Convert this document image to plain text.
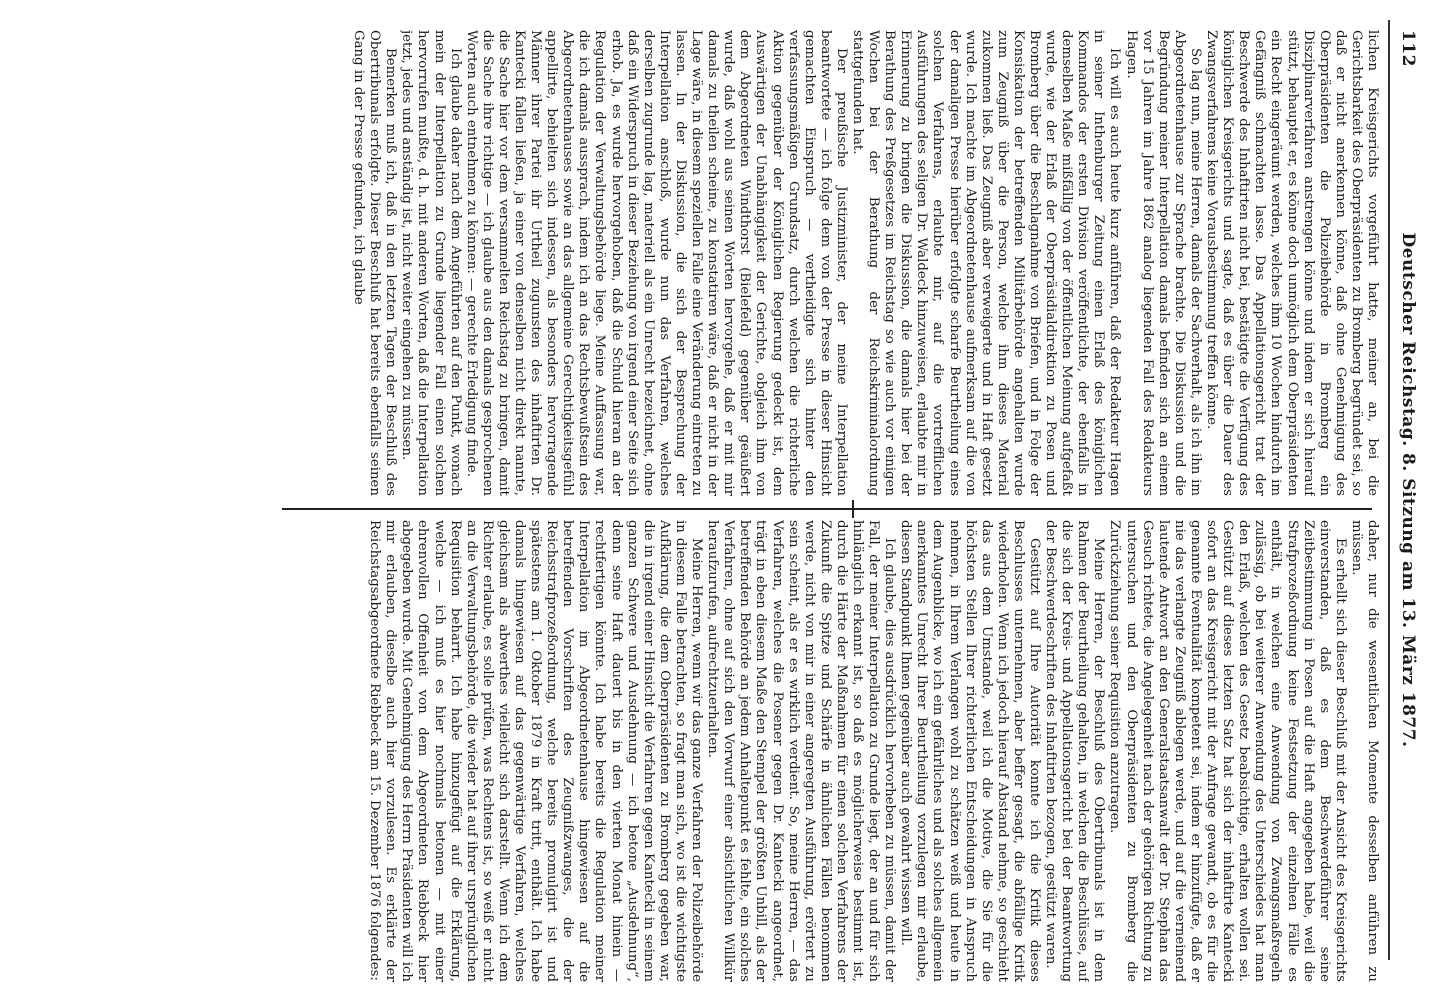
112
Deutscher Reichstag. 8. Sitzung am 13. März 1877.

lichen Kreisgerichts vorgeführt hatte, meiner an, bei die Gerichtsbarkeit des Oberpräsidenten zu Bromberg begründet sei, so daß er nicht anerkennen könne, daß ohne Genehmigung des Oberpräsidenten die Polizeibehörde in Bromberg ein Disziplinarverfahren anstrengen könne und indem er sich hierauf stützt, behauptet er, es könne doch unmöglich dem Oberpräsidenten ein Recht eingeräumt werden, welches ihm 10 Wochen hindurch im Gefängniß schmachten lasse. Das Appellationsgericht trat der Beschwerde des Inhaftirten nicht bei, bestätigte die Verfügung des königlichen Kreisgerichts und sagte, daß es über die Dauer des Zwangsverfahrens keine Vorausbestimmung treffen könne.

So lag nun, meine Herren, damals der Sachverhalt, als ich ihn im Abgeordnetenhause zur Sprache brachte. Die Diskussion und die Begründung meiner Interpellation damals befinden sich an einem vor 15 Jahren im Jahre 1862 analog liegenden Fall des Redakteurs Hagen.

Ich will es auch heute kurz anführen, daß der Redakteur Hagen in seiner Inthenburger Zeitung einen Erlaß des königlichen Kommandos der ersten Division veröffentlichte, der ebenfalls in demselben Maße mißfällig von der öffentlichen Meinung aufgefaßt wurde, wie der Erlaß der Oberpräsidialdirektion zu Posen und Bromberg über die Beschlagnahme von Briefen, und in Folge der Konsiskation der betreffenden Militärbehörde angehalten wurde zum Zeugniß über die Person, welche ihm dieses Material zukommen ließ. Das Zeugniß aber verweigerte und in Haft gesetzt wurde. Ich machte im Abgeordnetenhause aufmerksam auf die von der damaligen Presse hierüber erfolgte scharfe Beurtheilung eines solchen Verfahrens, erlaubte mir, auf die vortrefflichen Ausführungen des seligen Dr. Waldeck hinzuweisen, erlaubte mir in Erinnerung zu bringen die Diskussion, die damals hier bei der Berathung des Preßgesetzes im Reichstag so wie auch vor einigen Wochen bei der Berathung der Reichskriminalordnung stattgefunden hat.

Der preußische Justizminister, der meine Interpellation beantwortete — ich folge dem von der Presse in dieser Hinsicht gemachten Einspruch — vertheidigte sich hinter den verfassungsmäßigen Grundsatz, durch welchen die richterliche Aktion gegenüber der Königlichen Regierung gedeckt ist, dem Auswärtigen der Unabhängigkeit der Gerichte, obgleich ihm von dem Abgeordneten Windthorst (Bielefeld) gegenüber geäußert wurde, daß wohl aus seinen Worten hervorgehe, daß er mit mir damals zu theilen scheine, zu konstatiren wäre, daß er nicht in der Lage wäre, in diesem speziellen Falle eine Veränderung eintreten zu lassen. In der Diskussion, die sich der Besprechung der Interpellation anschloß, wurde nun das Verfahren, welches derselben zugrunde lag, materiell als ein Unrecht bezeichnet, ohne daß ein Widerspruch in dieser Beziehung von irgend einer Seite sich erhob. Ja, es wurde hervorgehoben, daß die Schuld hieran an der Regulation der Verwaltungsbehörde liege. Meine Auffassung war, die ich damals aussprach, indem ich an das Rechtsbewußtsein des Abgeordnetenhauses sowie an das allgemeine Gerechtigkeitsgefühl appellirte, behielten sich indessen, als besonders hervorragende Männer ihrer Partei ihr Urtheil zugunsten des inhaftirten Dr. Kantecki fallen ließen, ja einer von denselben nicht direkt nannte, die Sache hier vor dem versammelten Reichstag zu bringen, damit die Sache ihre richtige — ich glaube aus den damals gesprochenen Worten auch entnehmen zu können: — gerechte Erledigung finde.

Ich glaube daher nach dem Angeführten auf den Punkt, wonach mein der Interpellation zu Grunde liegender Fall einen solchen hervorrufen mußte, d. h. mit anderen Worten, daß die Interpellation jetzt, jedes und anständig ist, nicht weiter eingehen zu müssen.

Bemerken muß ich, daß in den letzten Tagen der Beschluß des Obertribunals erfolgte. Dieser Beschluß hat bereits ebenfalls seinen Gang in der Presse gefunden, ich glaube

daher, nur die wesentlichen Momente desselben anführen zu müssen.

Es erhellt sich dieser Beschluß mit der Ansicht des Kreisgerichts einverstanden, daß es dem Beschwerdeführer seine Zeitbestimmung in Posen auf die Haft angegeben habe, weil die Strafprozeßordnung keine Festsetzung der einzelnen Fälle es enthält, in welchen eine Anwendung von Zwangsmaßregeln zulässig, ob bei weiterer Anwendung des Unterschiedes hat man den Erlaß, welchen des Gesetz beabsichtige, erhalten wollen sei. Gestützt auf dieses letzten Satz hat sich der inhaftirte Kantecki sofort an das Kreisgericht mit der Anfrage gewandt, ob es für die genannte Eventualität kompetent sei, indem er hinzufügte, daß er nie das verlangte Zeugniß ablegen werde, und auf die verneinend lautende Antwort an den Generalstaatsanwalt der Dr. Stephan das Gesuch richtete, die Angelegenheit nach der gehörigen Richtung zu untersuchen und den Oberpräsidenten zu Bromberg die Zurückziehung seiner Requisition anzutragen.

Meine Herren, der Beschluß des Obertribunals ist in dem Rahmen der Beurtheilung gehalten, in welchen die Beschlüsse, auf die sich der Kreis- und Appellationsgericht bei der Beantwortung der Beschwerdeschriften des Inhaftirten bezogen, gestützt waren.

Gestützt auf Ihre Autorität konnte ich die Kritik dieses Beschlusses unternehmen, aber beffer gesagt, die abfällige Kritik wiederholen. Wenn ich jedoch hierauf Abstand nehme, so geschieht das aus dem Umstande, weil ich die Motive, die Sie für die höchsten Stellen Ihrer richterlichen Entscheidungen in Anspruch nehmen, in Ihrem Verlangen wohl zu schätzen weiß und heute in dem Augenblicke, wo ich ein gefährliches und als solches allgemein anerkanntes Unrecht Ihrer Beurtheilung vorzulegen mir erlaube, diesen Standpunkt Ihnen gegenüber auch gewahrt wissen will.

Ich glaube, dies ausdrücklich hervorheben zu müssen, damit der Fall, der meiner Interpellation zu Grunde liegt, der an und für sich hinlänglich erkannt ist, so daß es möglicherweise bestimmt ist, durch die Härte der Maßnahmen für einen solchen Verfahrens der Zukunft die Spitze und Schärfe in ähnlichen Fällen benommen werde, nicht von mir in einer angeregten Ausführung, erörtert zu sein scheint, als er es wirklich verdient. So, meine Herren, — das Verfahren, welches die Posener gegen Dr. Kantecki angeordnet, trägt in eben diesem Maße den Stempel der größten Unbill, als der betreffenden Behörde an jedem Anhaltepunkt es fehlte, ein solches Verfahren, ohne auf sich den Vorwurf einer absichtlichen Willkür heraufzurufen, aufrechtzuerhalten.

Meine Herren, wenn wir das ganze Verfahren der Polizeibehörde in diesem Falle betrachten, so fragt man sich, wo ist die wichtigste Aufklärung, die dem Oberpräsidenten zu Bromberg gegeben war, die in irgend einer Hinsicht die Verfahren gegen Kantecki in seinem ganzen Schwere und Ausdehnung — ich betone „Ausdehnung“, denn seine Haft dauert bis in den vierten Monat hinein — rechtfertigen könnte. Ich habe bereits die Regulation meiner Interpellation im Abgeordnetenhause hingewiesen auf die betreffenden Vorschriften des Zeugnißzwanges, die der Reichsstrafprozeßordnung, welche bereits promulgirt ist und spätestens am 1. Oktober 1879 in Kraft tritt, enthält. Ich habe damals hingewiesen auf das gegenwärtige Verfahren, welches gleichsam als abwerthes vielleicht sich darstellt. Wenn ich dem Richter erlaube, es solle prüfen, was Rechtens ist, so weiß er nicht an die Verwaltungsbehörde, die wieder hat auf ihrer ursprünglichen Requisition beharrt. Ich habe hinzugefügt auf die Erklärung, welche — ich muß es hier nochmals betonen — mit einer ehrenvollen Offenheit von dem Abgeordneten Riebbeck hier abgegeben wurde. Mit Genehmigung des Herrn Präsidenten will ich mir erlauben, dieselbe auch hier vorzulesen. Es erklärte der Reichstagsabgeordnete Riebbeck am 15. Dezember 1876 folgendes:
